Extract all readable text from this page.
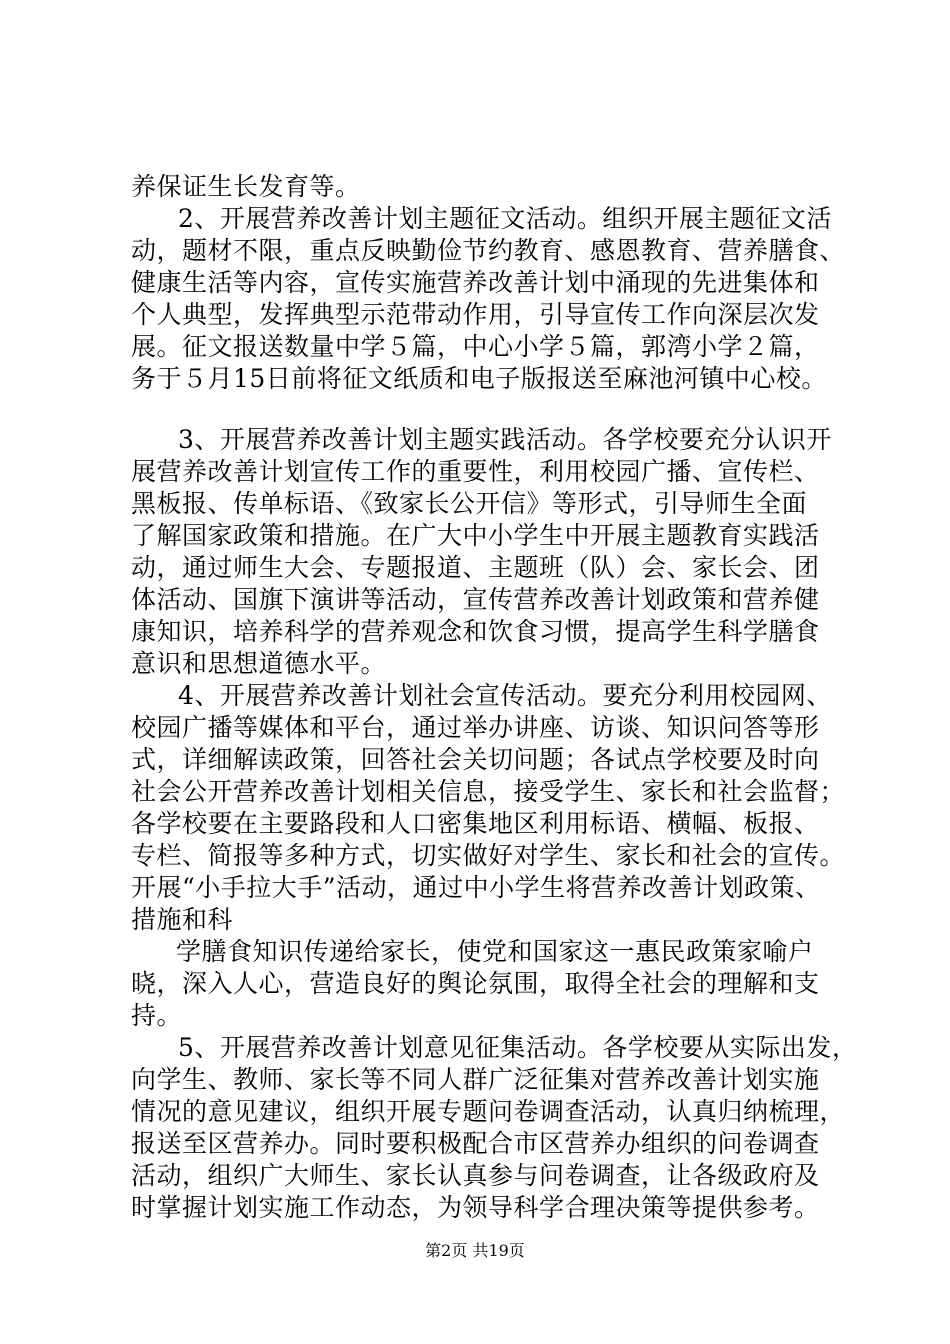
养保证生长发育等。
2、开展营养改善计划主题征文活动。组织开展主题征文活
动，题材不限，重点反映勤俭节约教育、感恩教育、营养膳食、
健康生活等内容，宣传实施营养改善计划中涌现的先进集体和
个人典型，发挥典型示范带动作用，引导宣传工作向深层次发
展。征文报送数量中学５篇，中心小学５篇，郭湾小学２篇，
务于５月15日前将征文纸质和电子版报送至麻池河镇中心校。
3、开展营养改善计划主题实践活动。各学校要充分认识开
展营养改善计划宣传工作的重要性，利用校园广播、宣传栏、
黑板报、传单标语、《致家长公开信》等形式，引导师生全面
了解国家政策和措施。在广大中小学生中开展主题教育实践活
动，通过师生大会、专题报道、主题班（队）会、家长会、团
体活动、国旗下演讲等活动，宣传营养改善计划政策和营养健
康知识，培养科学的营养观念和饮食习惯，提高学生科学膳食
意识和思想道德水平。
4、开展营养改善计划社会宣传活动。要充分利用校园网、
校园广播等媒体和平台，通过举办讲座、访谈、知识问答等形
式，详细解读政策，回答社会关切问题；各试点学校要及时向
社会公开营养改善计划相关信息，接受学生、家长和社会监督；
各学校要在主要路段和人口密集地区利用标语、横幅、板报、
专栏、简报等多种方式，切实做好对学生、家长和社会的宣传。
开展“小手拉大手”活动，通过中小学生将营养改善计划政策、
措施和科
学膳食知识传递给家长，使党和国家这一惠民政策家喻户
晓，深入人心，营造良好的舆论氛围，取得全社会的理解和支
持。
5、开展营养改善计划意见征集活动。各学校要从实际出发，
向学生、教师、家长等不同人群广泛征集对营养改善计划实施
情况的意见建议，组织开展专题问卷调查活动，认真归纳梳理，
报送至区营养办。同时要积极配合市区营养办组织的问卷调查
活动，组织广大师生、家长认真参与问卷调查，让各级政府及
时掌握计划实施工作动态，为领导科学合理决策等提供参考。
第2页 共19页
